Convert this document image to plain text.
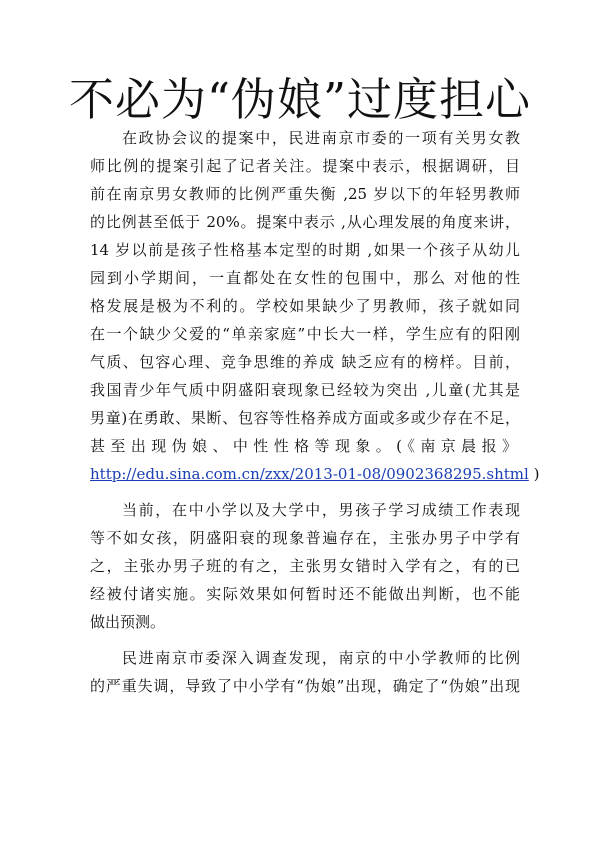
不必为“伪娘”过度担心
在政协会议的提案中，民进南京市委的一项有关男女教
师比例的提案引起了记者关注。提案中表示，根据调研，目
前在南京男女教师的比例严重失衡 ,25 岁以下的年轻男教师
的比例甚至低于 20%。提案中表示 ,从心理发展的角度来讲，
14 岁以前是孩子性格基本定型的时期 ,如果一个孩子从幼儿
园到小学期间，一直都处在女性的包围中，那么 对他的性
格发展是极为不利的。学校如果缺少了男教师，孩子就如同
在一个缺少父爱的“单亲家庭”中长大一样，学生应有的阳刚
气质、包容心理、竞争思维的养成 缺乏应有的榜样。目前，
我国青少年气质中阴盛阳衰现象已经较为突出 ,儿童(尤其是
男童)在勇敢、果断、包容等性格养成方面或多或少存在不足，
甚至出现伪娘、中性性格等现象。(《南京晨报》
http://edu.sina.com.cn/zxx/2013-01-08/0902368295.shtml )
当前，在中小学以及大学中，男孩子学习成绩工作表现
等不如女孩，阴盛阳衰的现象普遍存在，主张办男子中学有
之，主张办男子班的有之，主张男女错时入学有之，有的已
经被付诸实施。实际效果如何暂时还不能做出判断，也不能
做出预测。
民进南京市委深入调查发现，南京的中小学教师的比例
的严重失调，导致了中小学有“伪娘”出现，确定了“伪娘”出现
